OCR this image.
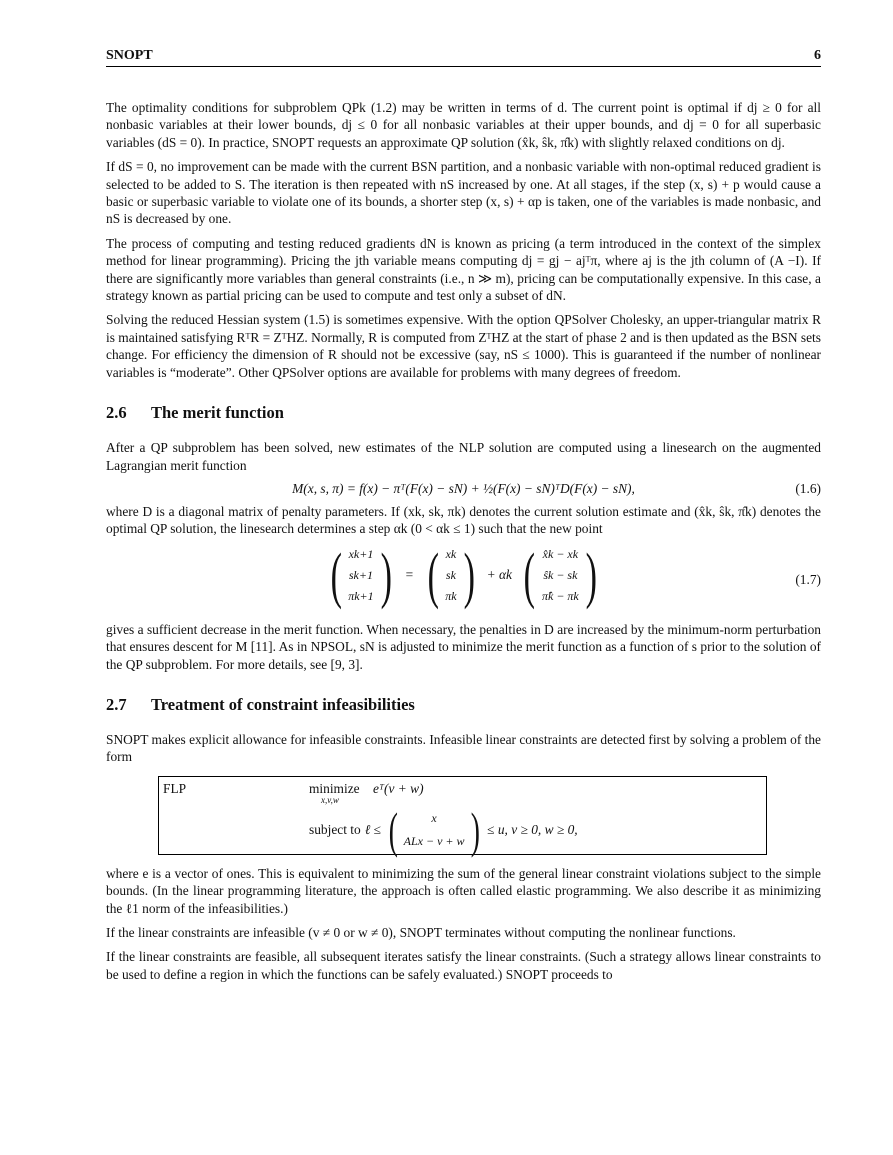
SNOPT	6

The optimality conditions for subproblem QPk (1.2) may be written in terms of d. The current point is optimal if dj ≥ 0 for all nonbasic variables at their lower bounds, dj ≤ 0 for all nonbasic variables at their upper bounds, and dj = 0 for all superbasic variables (dS = 0). In practice, SNOPT requests an approximate QP solution (x̂k, ŝk, π̂k) with slightly relaxed conditions on dj.

If dS = 0, no improvement can be made with the current BSN partition, and a nonbasic variable with non-optimal reduced gradient is selected to be added to S. The iteration is then repeated with nS increased by one. At all stages, if the step (x, s) + p would cause a basic or superbasic variable to violate one of its bounds, a shorter step (x, s) + αp is taken, one of the variables is made nonbasic, and nS is decreased by one.

The process of computing and testing reduced gradients dN is known as pricing (a term introduced in the context of the simplex method for linear programming). Pricing the jth variable means computing dj = gj − ajᵀπ, where aj is the jth column of (A −I). If there are significantly more variables than general constraints (i.e., n ≫ m), pricing can be computationally expensive. In this case, a strategy known as partial pricing can be used to compute and test only a subset of dN.

Solving the reduced Hessian system (1.5) is sometimes expensive. With the option QPSolver Cholesky, an upper-triangular matrix R is maintained satisfying RᵀR = ZᵀHZ. Normally, R is computed from ZᵀHZ at the start of phase 2 and is then updated as the BSN sets change. For efficiency the dimension of R should not be excessive (say, nS ≤ 1000). This is guaranteed if the number of nonlinear variables is “moderate”. Other QPSolver options are available for problems with many degrees of freedom.

2.6 The merit function

After a QP subproblem has been solved, new estimates of the NLP solution are computed using a linesearch on the augmented Lagrangian merit function

M(x, s, π) = f(x) − πᵀ(F(x) − sN) + ½(F(x) − sN)ᵀD(F(x) − sN),	(1.6)

where D is a diagonal matrix of penalty parameters. If (xk, sk, πk) denotes the current solution estimate and (x̂k, ŝk, π̂k) denotes the optimal QP solution, the linesearch determines a step αk (0 < αk ≤ 1) such that the new point

( xk+1
sk+1
πk+1 ) = ( xk
sk
πk ) + αk ( x̂k − xk
ŝk − sk
π̂k − πk )	(1.7)

gives a sufficient decrease in the merit function. When necessary, the penalties in D are increased by the minimum-norm perturbation that ensures descent for M [11]. As in NPSOL, sN is adjusted to minimize the merit function as a function of s prior to the solution of the QP subproblem. For more details, see [9, 3].

2.7 Treatment of constraint infeasibilities

SNOPT makes explicit allowance for infeasible constraints. Infeasible linear constraints are detected first by solving a problem of the form

FLP	minimize eᵀ(v + w)
x,v,w
subject to ℓ ≤ (	x
ALx − v + w ) ≤ u, v ≥ 0, w ≥ 0,

where e is a vector of ones. This is equivalent to minimizing the sum of the general linear constraint violations subject to the simple bounds. (In the linear programming literature, the approach is often called elastic programming. We also describe it as minimizing the ℓ1 norm of the infeasibilities.)

If the linear constraints are infeasible (v ≠ 0 or w ≠ 0), SNOPT terminates without computing the nonlinear functions.

If the linear constraints are feasible, all subsequent iterates satisfy the linear constraints. (Such a strategy allows linear constraints to be used to define a region in which the functions can be safely evaluated.) SNOPT proceeds to
